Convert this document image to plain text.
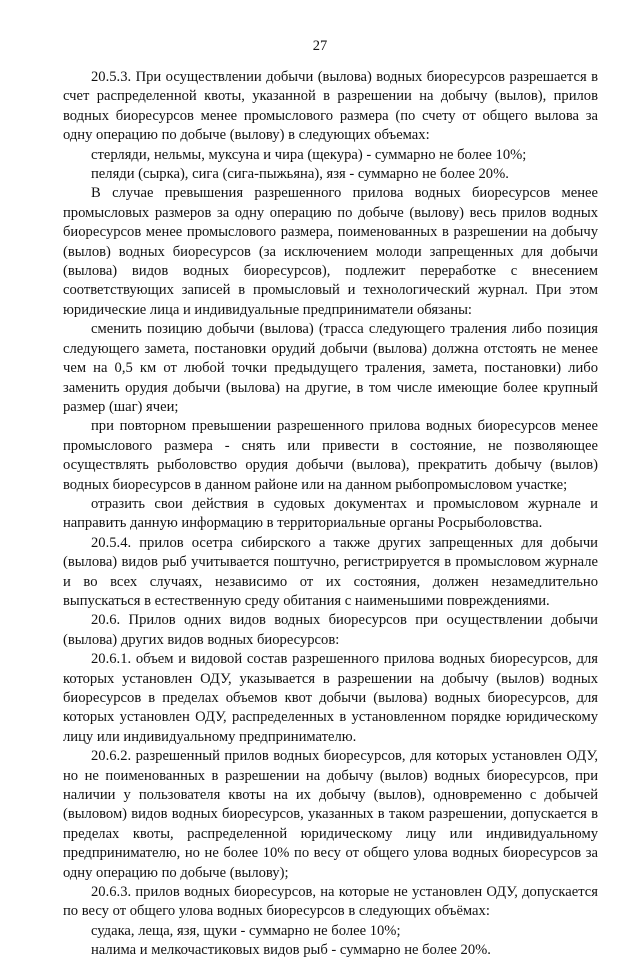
27

20.5.3. При осуществлении добычи (вылова) водных биоресурсов разрешается в счет распределенной квоты, указанной в разрешении на добычу (вылов), прилов водных биоресурсов менее промыслового размера (по счету от общего вылова за одну операцию по добыче (вылову) в следующих объемах:

стерляди, нельмы, муксуна и чира (щекура) - суммарно не более 10%;

пеляди (сырка), сига (сига-пыжьяна), язя - суммарно не более 20%.

В случае превышения разрешенного прилова водных биоресурсов менее промысловых размеров за одну операцию по добыче (вылову) весь прилов водных биоресурсов менее промыслового размера, поименованных в разрешении на добычу (вылов) водных биоресурсов (за исключением молоди запрещенных для добычи (вылова) видов водных биоресурсов), подлежит переработке с внесением соответствующих записей в промысловый и технологический журнал. При этом юридические лица и индивидуальные предприниматели обязаны:

сменить позицию добычи (вылова) (трасса следующего траления либо позиция следующего замета, постановки орудий добычи (вылова) должна отстоять не менее чем на 0,5 км от любой точки предыдущего траления, замета, постановки) либо заменить орудия добычи (вылова) на другие, в том числе имеющие более крупный размер (шаг) ячеи;

при повторном превышении разрешенного прилова водных биоресурсов менее промыслового размера - снять или привести в состояние, не позволяющее осуществлять рыболовство орудия добычи (вылова), прекратить добычу (вылов) водных биоресурсов в данном районе или на данном рыбопромысловом участке;

отразить свои действия в судовых документах и промысловом журнале и направить данную информацию в территориальные органы Росрыболовства.

20.5.4. прилов осетра сибирского а также других запрещенных для добычи (вылова) видов рыб учитывается поштучно, регистрируется в промысловом журнале и во всех случаях, независимо от их состояния, должен незамедлительно выпускаться в естественную среду обитания с наименьшими повреждениями.

20.6. Прилов одних видов водных биоресурсов при осуществлении добычи (вылова) других видов водных биоресурсов:

20.6.1. объем и видовой состав разрешенного прилова водных биоресурсов, для которых установлен ОДУ, указывается в разрешении на добычу (вылов) водных биоресурсов в пределах объемов квот добычи (вылова) водных биоресурсов, для которых установлен ОДУ, распределенных в установленном порядке юридическому лицу или индивидуальному предпринимателю.

20.6.2. разрешенный прилов водных биоресурсов, для которых установлен ОДУ, но не поименованных в разрешении на добычу (вылов) водных биоресурсов, при наличии у пользователя квоты на их добычу (вылов), одновременно с добычей (выловом) видов водных биоресурсов, указанных в таком разрешении, допускается в пределах квоты, распределенной юридическому лицу или индивидуальному предпринимателю, но не более 10% по весу от общего улова водных биоресурсов за одну операцию по добыче (вылову);

20.6.3. прилов водных биоресурсов, на которые не установлен ОДУ, допускается по весу от общего улова водных биоресурсов в следующих объёмах:

судака, леща, язя, щуки - суммарно не более 10%;

налима и мелкочастиковых видов рыб - суммарно не более 20%.
